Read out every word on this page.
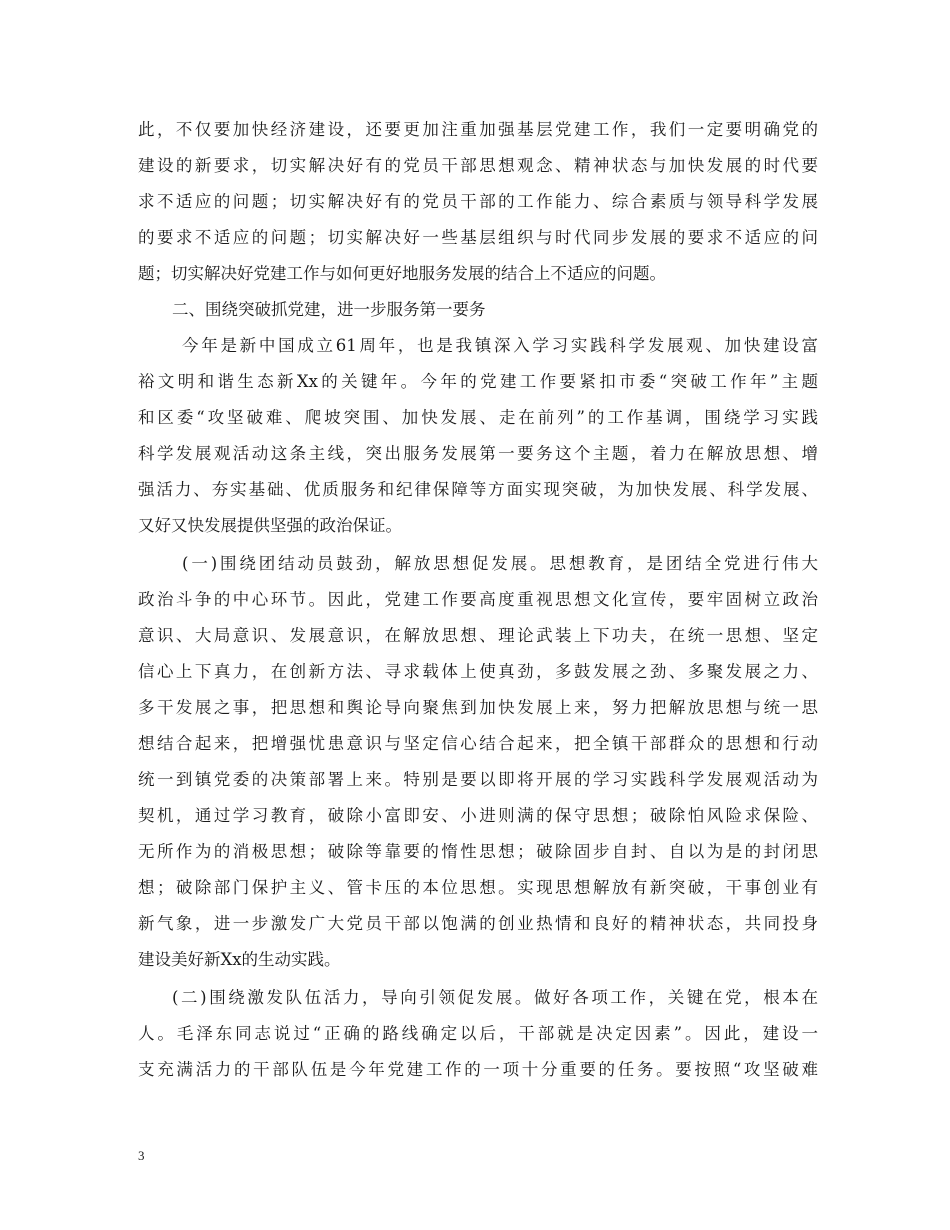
此，不仅要加快经济建设，还要更加注重加强基层党建工作，我们一定要明确党的
建设的新要求，切实解决好有的党员干部思想观念、精神状态与加快发展的时代要
求不适应的问题；切实解决好有的党员干部的工作能力、综合素质与领导科学发展
的要求不适应的问题；切实解决好一些基层组织与时代同步发展的要求不适应的问
题；切实解决好党建工作与如何更好地服务发展的结合上不适应的问题。
二、围绕突破抓党建，进一步服务第一要务
今年是新中国成立61周年，也是我镇深入学习实践科学发展观、加快建设富
裕文明和谐生态新Xx的关键年。今年的党建工作要紧扣市委“突破工作年”主题
和区委“攻坚破难、爬坡突围、加快发展、走在前列”的工作基调，围绕学习实践
科学发展观活动这条主线，突出服务发展第一要务这个主题，着力在解放思想、增
强活力、夯实基础、优质服务和纪律保障等方面实现突破，为加快发展、科学发展、
又好又快发展提供坚强的政治保证。
(一)围绕团结动员鼓劲，解放思想促发展。思想教育，是团结全党进行伟大
政治斗争的中心环节。因此，党建工作要高度重视思想文化宣传，要牢固树立政治
意识、大局意识、发展意识，在解放思想、理论武装上下功夫，在统一思想、坚定
信心上下真力，在创新方法、寻求载体上使真劲，多鼓发展之劲、多聚发展之力、
多干发展之事，把思想和舆论导向聚焦到加快发展上来，努力把解放思想与统一思
想结合起来，把增强忧患意识与坚定信心结合起来，把全镇干部群众的思想和行动
统一到镇党委的决策部署上来。特别是要以即将开展的学习实践科学发展观活动为
契机，通过学习教育，破除小富即安、小进则满的保守思想；破除怕风险求保险、
无所作为的消极思想；破除等靠要的惰性思想；破除固步自封、自以为是的封闭思
想；破除部门保护主义、管卡压的本位思想。实现思想解放有新突破，干事创业有
新气象，进一步激发广大党员干部以饱满的创业热情和良好的精神状态，共同投身
建设美好新Xx的生动实践。
(二)围绕激发队伍活力，导向引领促发展。做好各项工作，关键在党，根本在
人。毛泽东同志说过“正确的路线确定以后，干部就是决定因素”。因此，建设一
支充满活力的干部队伍是今年党建工作的一项十分重要的任务。要按照“攻坚破难
3
